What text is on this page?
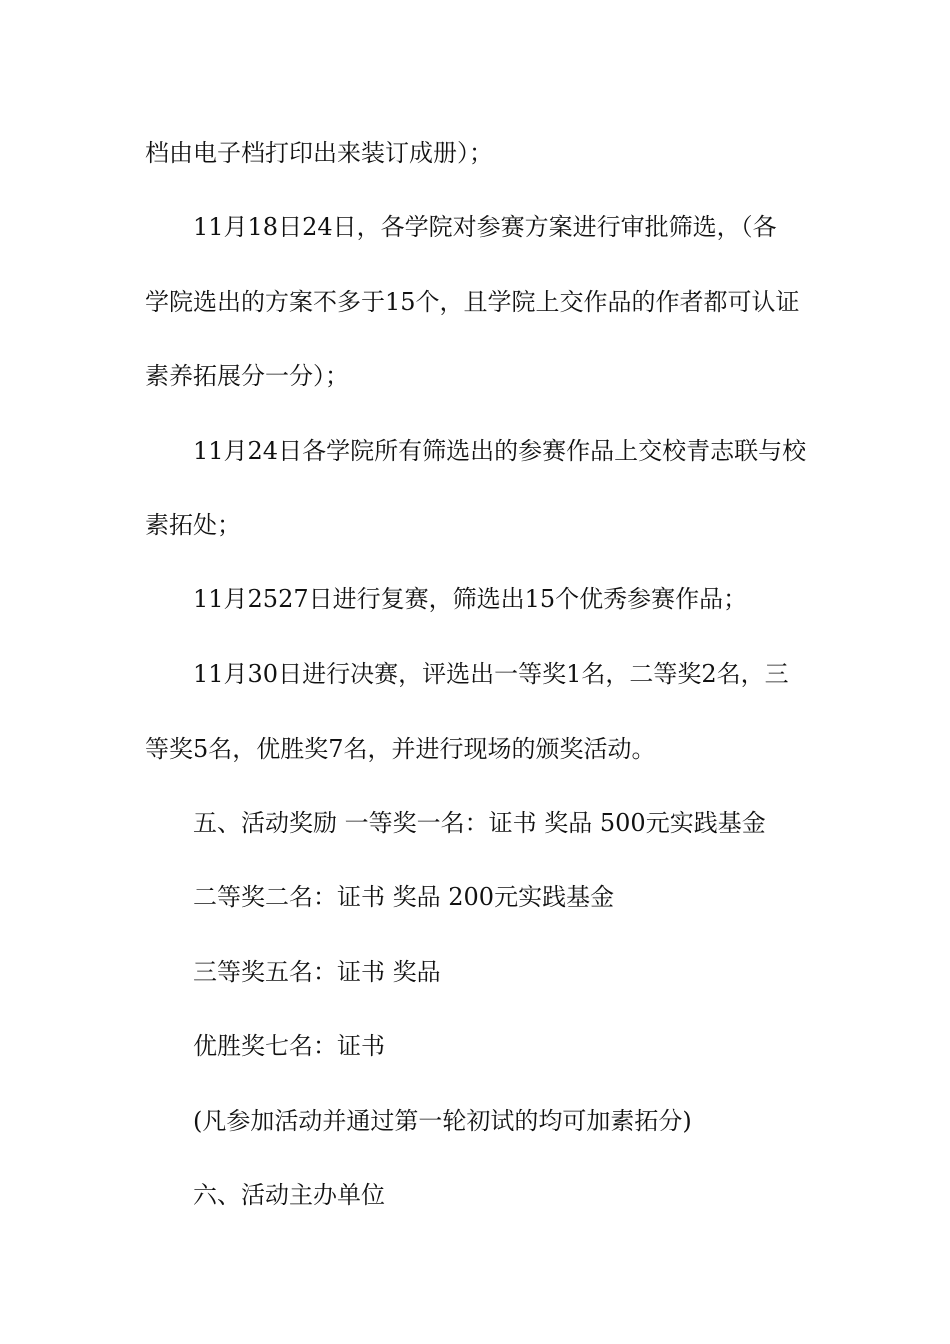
档由电子档打印出来装订成册）；
11月18日24日，各学院对参赛方案进行审批筛选，（各
学院选出的方案不多于15个，且学院上交作品的作者都可认证
素养拓展分一分）；
11月24日各学院所有筛选出的参赛作品上交校青志联与校
素拓处；
11月2527日进行复赛，筛选出15个优秀参赛作品；
11月30日进行决赛，评选出一等奖1名，二等奖2名，三
等奖5名，优胜奖7名，并进行现场的颁奖活动。
五、活动奖励 一等奖一名：证书 奖品 500元实践基金
二等奖二名：证书 奖品 200元实践基金
三等奖五名：证书 奖品
优胜奖七名：证书
(凡参加活动并通过第一轮初试的均可加素拓分)
六、活动主办单位
